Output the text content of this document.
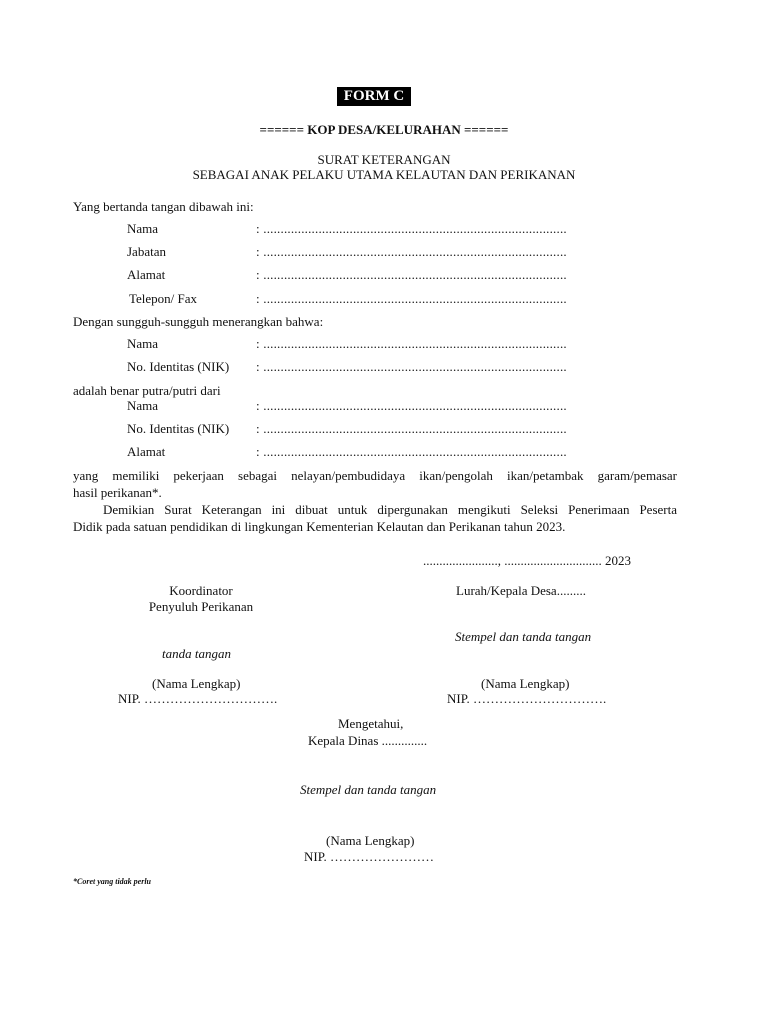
FORM C
====== KOP DESA/KELURAHAN ======
SURAT KETERANGAN
SEBAGAI ANAK PELAKU UTAMA KELAUTAN DAN PERIKANAN
Yang bertanda tangan dibawah ini:
Nama	: ........................................................................................
Jabatan	: ........................................................................................
Alamat	: ........................................................................................
Telepon/ Fax	: ........................................................................................
Dengan sungguh-sungguh menerangkan bahwa:
Nama	: ........................................................................................
No. Identitas (NIK) : ........................................................................................
adalah benar putra/putri dari
Nama	: ........................................................................................
No. Identitas (NIK) : ........................................................................................
Alamat	: ........................................................................................
yang memiliki pekerjaan sebagai nelayan/pembudidaya ikan/pengolah ikan/petambak garam/pemasar
hasil perikanan*.
Demikian Surat Keterangan ini dibuat untuk dipergunakan mengikuti Seleksi Penerimaan Peserta
Didik pada satuan pendidikan di lingkungan Kementerian Kelautan dan Perikanan tahun 2023.
......................., .............................. 2023
Koordinator
Penyuluh Perikanan
tanda tangan
(Nama Lengkap)
NIP. ………………………….
Lurah/Kepala Desa.........
Stempel dan tanda tangan
(Nama Lengkap)
NIP. ………………………….
Mengetahui,
Kepala Dinas ..............
Stempel dan tanda tangan
(Nama Lengkap)
NIP. ……………………
*Coret yang tidak perlu
